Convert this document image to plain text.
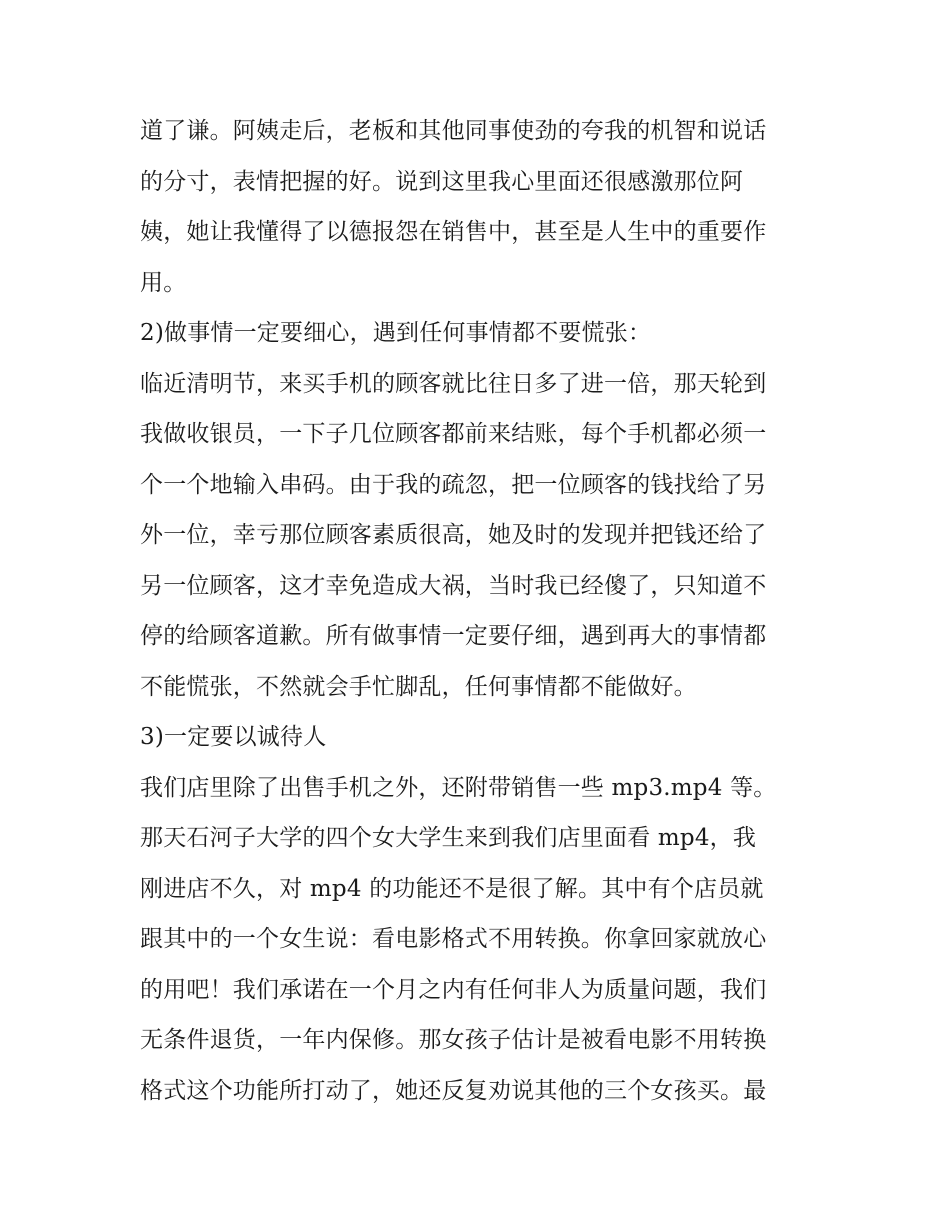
道了谦。阿姨走后，老板和其他同事使劲的夸我的机智和说话
的分寸，表情把握的好。说到这里我心里面还很感激那位阿
姨，她让我懂得了以德报怨在销售中，甚至是人生中的重要作
用。
2)做事情一定要细心，遇到任何事情都不要慌张：
临近清明节，来买手机的顾客就比往日多了进一倍，那天轮到
我做收银员，一下子几位顾客都前来结账，每个手机都必须一
个一个地输入串码。由于我的疏忽，把一位顾客的钱找给了另
外一位，幸亏那位顾客素质很高，她及时的发现并把钱还给了
另一位顾客，这才幸免造成大祸，当时我已经傻了，只知道不
停的给顾客道歉。所有做事情一定要仔细，遇到再大的事情都
不能慌张，不然就会手忙脚乱，任何事情都不能做好。
3)一定要以诚待人
我们店里除了出售手机之外，还附带销售一些 mp3.mp4 等。
那天石河子大学的四个女大学生来到我们店里面看 mp4，我
刚进店不久，对 mp4 的功能还不是很了解。其中有个店员就
跟其中的一个女生说：看电影格式不用转换。你拿回家就放心
的用吧！我们承诺在一个月之内有任何非人为质量问题，我们
无条件退货，一年内保修。那女孩子估计是被看电影不用转换
格式这个功能所打动了，她还反复劝说其他的三个女孩买。最
